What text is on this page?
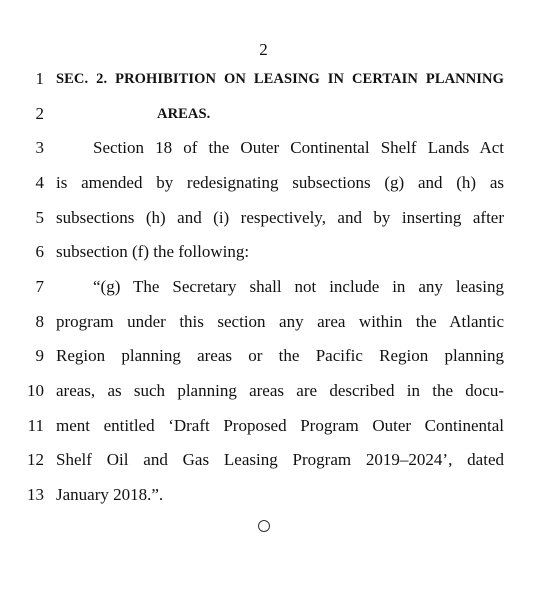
2
1 SEC. 2. PROHIBITION ON LEASING IN CERTAIN PLANNING
2	AREAS.
3	Section 18 of the Outer Continental Shelf Lands Act
4 is amended by redesignating subsections (g) and (h) as
5 subsections (h) and (i) respectively, and by inserting after
6 subsection (f) the following:
7	“(g) The Secretary shall not include in any leasing
8 program under this section any area within the Atlantic
9 Region planning areas or the Pacific Region planning
10 areas, as such planning areas are described in the docu-
11 ment entitled ‘Draft Proposed Program Outer Continental
12 Shelf Oil and Gas Leasing Program 2019–2024’, dated
13 January 2018.”.
